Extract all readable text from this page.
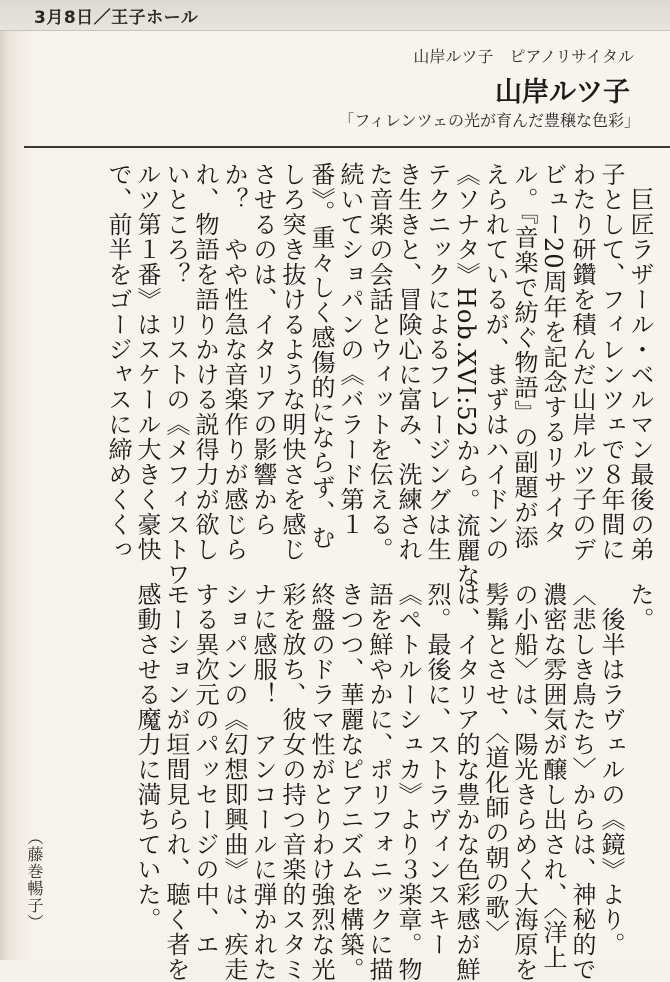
3月8日／王子ホール
山岸ルツ子　ピアノリサイタル
山岸ルツ子
「フィレンツェの光が育んだ豊穣な色彩」
　巨匠ラザール・ベルマン最後の弟
子として、フィレンツェで８年間に
わたり研鑽を積んだ山岸ルツ子のデ
ビュー20周年を記念するリサイタ
ル。『音楽で紡ぐ物語』の副題が添
えられているが、まずはハイドンの
《ソナタ》Hob.XVI:52から。流麗な
テクニックによるフレージングは生
き生きと、冒険心に富み、洗練され
た音楽の会話とウィットを伝える。
続いてショパンの《バラード第１
番》。重々しく感傷的にならず、む
しろ突き抜けるような明快さを感じ
させるのは、イタリアの影響から
か？　やや性急な音楽作りが感じら
れ、物語を語りかける説得力が欲し
いところ？　リストの《メフィストワ
ルツ第１番》はスケール大きく豪快
で、前半をゴージャスに締めくくっ
た。
　後半はラヴェルの《鏡》より。
〈悲しき鳥たち〉からは、神秘的で
濃密な雰囲気が醸し出され、〈洋上
の小船〉は、陽光きらめく大海原を
髣髴とさせ、〈道化師の朝の歌〉
は、イタリア的な豊かな色彩感が鮮
烈。最後に、ストラヴィンスキー
《ペトルーシュカ》より３楽章。物
語を鮮やかに、ポリフォニックに描
きつつ、華麗なピアニズムを構築。
終盤のドラマ性がとりわけ強烈な光
彩を放ち、彼女の持つ音楽的スタミ
ナに感服！　アンコールに弾かれた
ショパンの《幻想即興曲》は、疾走
する異次元のパッセージの中、エ
モーションが垣間見られ、聴く者を
感動させる魔力に満ちていた。
（藤巻暢子）
